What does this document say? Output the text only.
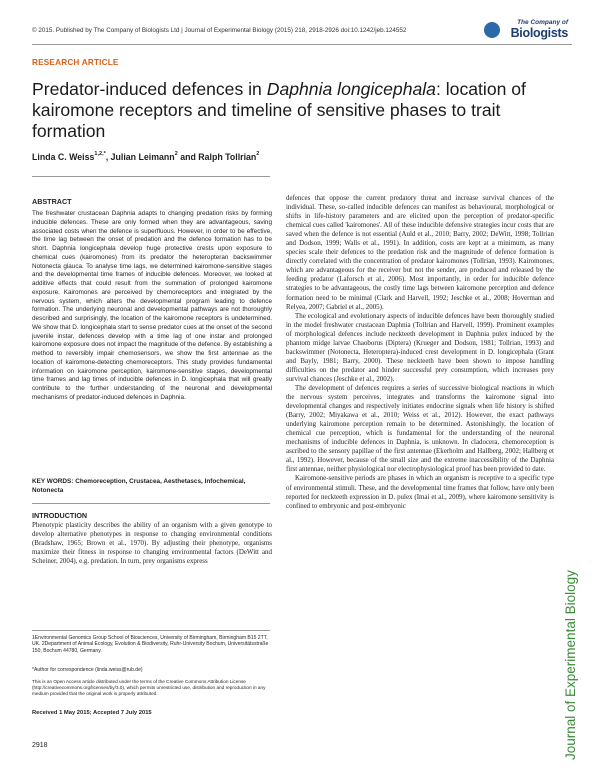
© 2015. Published by The Company of Biologists Ltd | Journal of Experimental Biology (2015) 218, 2918-2926 doi:10.1242/jeb.124552
The Company of
Biologists
RESEARCH ARTICLE
Predator-induced defences in Daphnia longicephala: location of kairomone receptors and timeline of sensitive phases to trait formation
Linda C. Weiss$^{1,2,*}$, Julian Leimann$^2$ and Ralph Tollrian$^2$
ABSTRACT
The freshwater crustacean Daphnia adapts to changing predation risks by forming inducible defences. These are only formed when they are advantageous, saving associated costs when the defence is superfluous. However, in order to be effective, the time lag between the onset of predation and the defence formation has to be short. Daphnia longicephala develop huge protective crests upon exposure to chemical cues (kairomones) from its predator the heteropteran backswimmer Notonecta glauca. To analyse time lags, we determined kairomone-sensitive stages and the developmental time frames of inducible defences. Moreover, we looked at additive effects that could result from the summation of prolonged kairomone exposure. Kairomones are perceived by chemoreceptors and integrated by the nervous system, which alters the developmental program leading to defence formation. The underlying neuronal and developmental pathways are not thoroughly described and surprisingly, the location of the kairomone receptors is undetermined. We show that D. longicephala start to sense predator cues at the onset of the second juvenile instar, defences develop with a time lag of one instar and prolonged kairomone exposure does not impact the magnitude of the defence. By establishing a method to reversibly impair chemosensors, we show the first antennae as the location of kairomone-detecting chemoreceptors. This study provides fundamental information on kairomone perception, kairomone-sensitive stages, developmental time frames and lag times of inducible defences in D. longicephala that will greatly contribute to the further understanding of the neuronal and developmental mechanisms of predator-induced defences in Daphnia.
KEY WORDS: Chemoreception, Crustacea, Aesthetascs, Infochemical, Notonecta
INTRODUCTION
Phenotypic plasticity describes the ability of an organism with a given genotype to develop alternative phenotypes in response to changing environmental conditions (Bradshaw, 1965; Brown et al., 1970). By adjusting their phenotype, organisms maximize their fitness in response to changing environmental factors (DeWitt and Scheiner, 2004), e.g. predation. In turn, prey organisms express
1Environmental Genomics Group School of Biosciences, University of Birmingham, Birmingham B15 2TT, UK. 2Department of Animal Ecology, Evolution & Biodiversity, Ruhr-University Bochum, Universitätsstraße 150, Bochum 44780, Germany.
*Author for correspondence (linda.weiss@rub.de)
This is an Open Access article distributed under the terms of the Creative Commons Attribution License (http://creativecommons.org/licenses/by/3.0), which permits unrestricted use, distribution and reproduction in any medium provided that the original work is properly attributed.
Received 1 May 2015; Accepted 7 July 2015
2918

defences that oppose the current predatory threat and increase survival chances of the individual. These, so-called inducible defences can manifest as behavioural, morphological or shifts in life-history parameters and are elicited upon the perception of predator-specific chemical cues called 'kairomones'. All of these inducible defensive strategies incur costs that are saved when the defence is not essential (Auld et al., 2010; Barry, 2002; DeWitt, 1998; Tollrian and Dodson, 1999; Walls et al., 1991). In addition, costs are kept at a minimum, as many species scale their defences to the predation risk and the magnitude of defence formation is directly correlated with the concentration of predator kairomones (Tollrian, 1993). Kairomones, which are advantageous for the receiver but not the sender, are produced and released by the feeding predator (Laforsch et al., 2006). Most importantly, in order for inducible defence strategies to be advantageous, the costly time lags between kairomone perception and defence formation need to be minimal (Clark and Harvell, 1992; Jeschke et al., 2008; Hoverman and Relyea, 2007; Gabriel et al., 2005).

The ecological and evolutionary aspects of inducible defences have been thoroughly studied in the model freshwater crustacean Daphnia (Tollrian and Harvell, 1999). Prominent examples of morphological defences include neckteeth development in Daphnia pulex induced by the phantom midge larvae Chaoborus (Diptera) (Krueger and Dodson, 1981; Tollrian, 1993) and backswimmer (Notonecta, Heteroptera)-induced crest development in D. longicephala (Grant and Bayly, 1981; Barry, 2000). These neckteeth have been shown to impose handling difficulties on the predator and hinder successful prey consumption, which increases prey survival chances (Jeschke et al., 2002).

The development of defences requires a series of successive biological reactions in which the nervous system perceives, integrates and transforms the kairomone signal into developmental changes and respectively initiates endocrine signals when life history is shifted (Barry, 2002; Miyakawa et al., 2010; Weiss et al., 2012). However, the exact pathways underlying kairomone perception remain to be determined. Astonishingly, the location of chemical cue perception, which is fundamental for the understanding of the neuronal mechanisms of inducible defences in Daphnia, is unknown. In cladocera, chemoreception is ascribed to the sensory papillae of the first antennae (Ekerholm and Hallberg, 2002; Hallberg et al., 1992). However, because of the small size and the extreme inaccessibility of the Daphnia first antennae, neither physiological nor electrophysiological proof has been provided to date.

Kairomone-sensitive periods are phases in which an organism is receptive to a specific type of environmental stimuli. These, and the developmental time frames that follow, have only been reported for neckteeth expression in D. pulex (Imai et al., 2009), where kairomone sensitivity is confined to embryonic and post-embryonic

Journal of Experimental Biology
